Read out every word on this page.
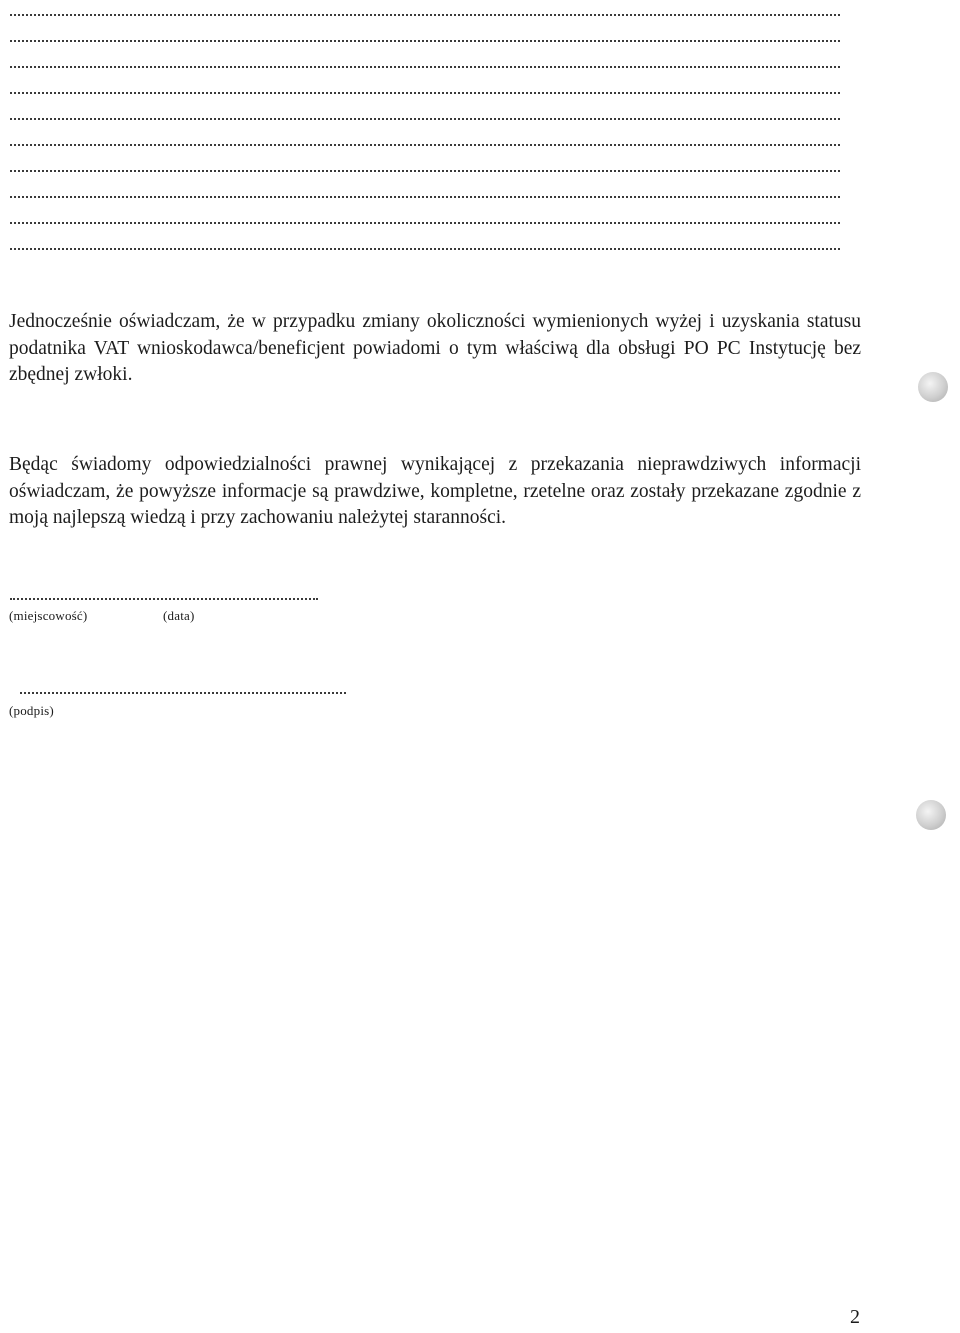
Jednocześnie oświadczam, że w przypadku zmiany okoliczności wymienionych wyżej i uzyskania statusu podatnika VAT wnioskodawca/beneficjent powiadomi o tym właściwą dla obsługi PO PC Instytucję bez zbędnej zwłoki.

Będąc świadomy odpowiedzialności prawnej wynikającej z przekazania nieprawdziwych informacji oświadczam, że powyższe informacje są prawdziwe, kompletne, rzetelne oraz zostały przekazane zgodnie z moją najlepszą wiedzą i przy zachowaniu należytej staranności.

(miejscowość)	(data)
(podpis)
2
